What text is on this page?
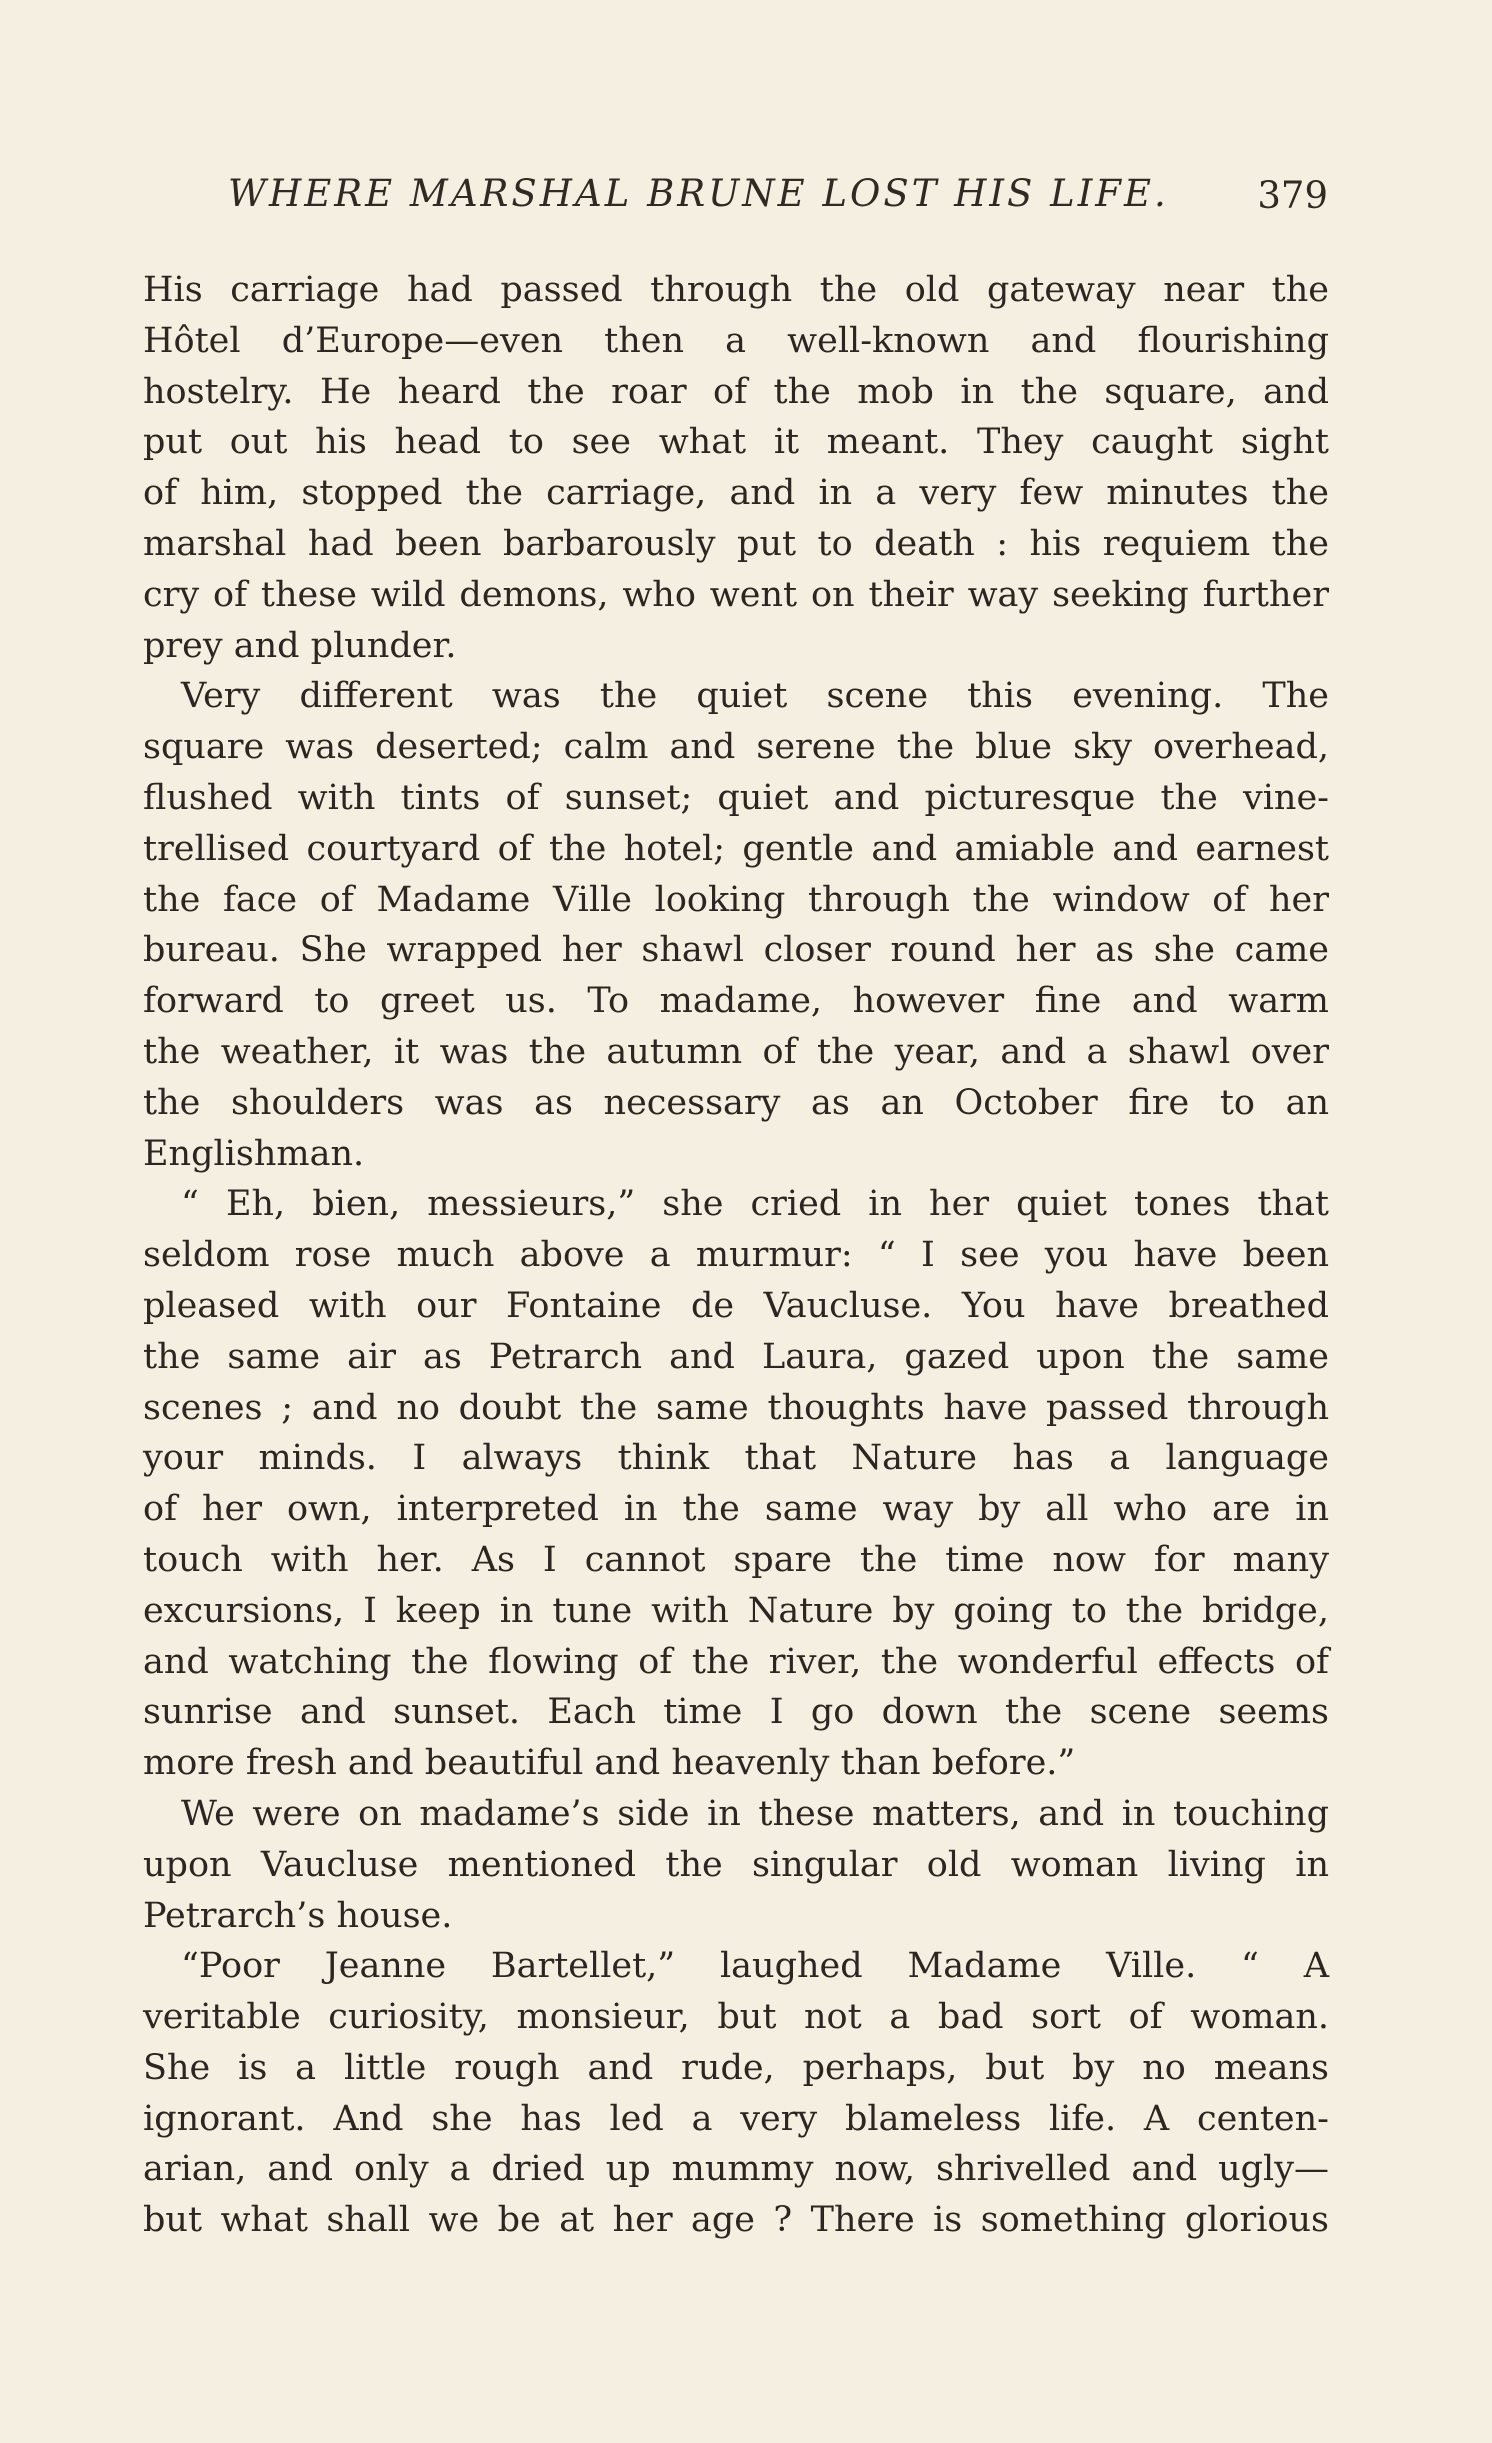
WHERE MARSHAL BRUNE LOST HIS LIFE. 379
His carriage had passed through the old gateway near the
Hôtel d’Europe—even then a well-known and flourishing
hostelry. He heard the roar of the mob in the square, and
put out his head to see what it meant. They caught sight
of him, stopped the carriage, and in a very few minutes the
marshal had been barbarously put to death : his requiem the
cry of these wild demons, who went on their way seeking further
prey and plunder.
Very different was the quiet scene this evening. The
square was deserted; calm and serene the blue sky overhead,
flushed with tints of sunset; quiet and picturesque the vine-
trellised courtyard of the hotel; gentle and amiable and earnest
the face of Madame Ville looking through the window of her
bureau. She wrapped her shawl closer round her as she came
forward to greet us. To madame, however fine and warm
the weather, it was the autumn of the year, and a shawl over
the shoulders was as necessary as an October fire to an
Englishman.
“ Eh, bien, messieurs,” she cried in her quiet tones that
seldom rose much above a murmur: “ I see you have been
pleased with our Fontaine de Vaucluse. You have breathed
the same air as Petrarch and Laura, gazed upon the same
scenes ; and no doubt the same thoughts have passed through
your minds. I always think that Nature has a language
of her own, interpreted in the same way by all who are in
touch with her. As I cannot spare the time now for many
excursions, I keep in tune with Nature by going to the bridge,
and watching the flowing of the river, the wonderful effects of
sunrise and sunset. Each time I go down the scene seems
more fresh and beautiful and heavenly than before.”
We were on madame’s side in these matters, and in touching
upon Vaucluse mentioned the singular old woman living in
Petrarch’s house.
“Poor Jeanne Bartellet,” laughed Madame Ville. “ A
veritable curiosity, monsieur, but not a bad sort of woman.
She is a little rough and rude, perhaps, but by no means
ignorant. And she has led a very blameless life. A centen-
arian, and only a dried up mummy now, shrivelled and ugly—
but what shall we be at her age ? There is something glorious
